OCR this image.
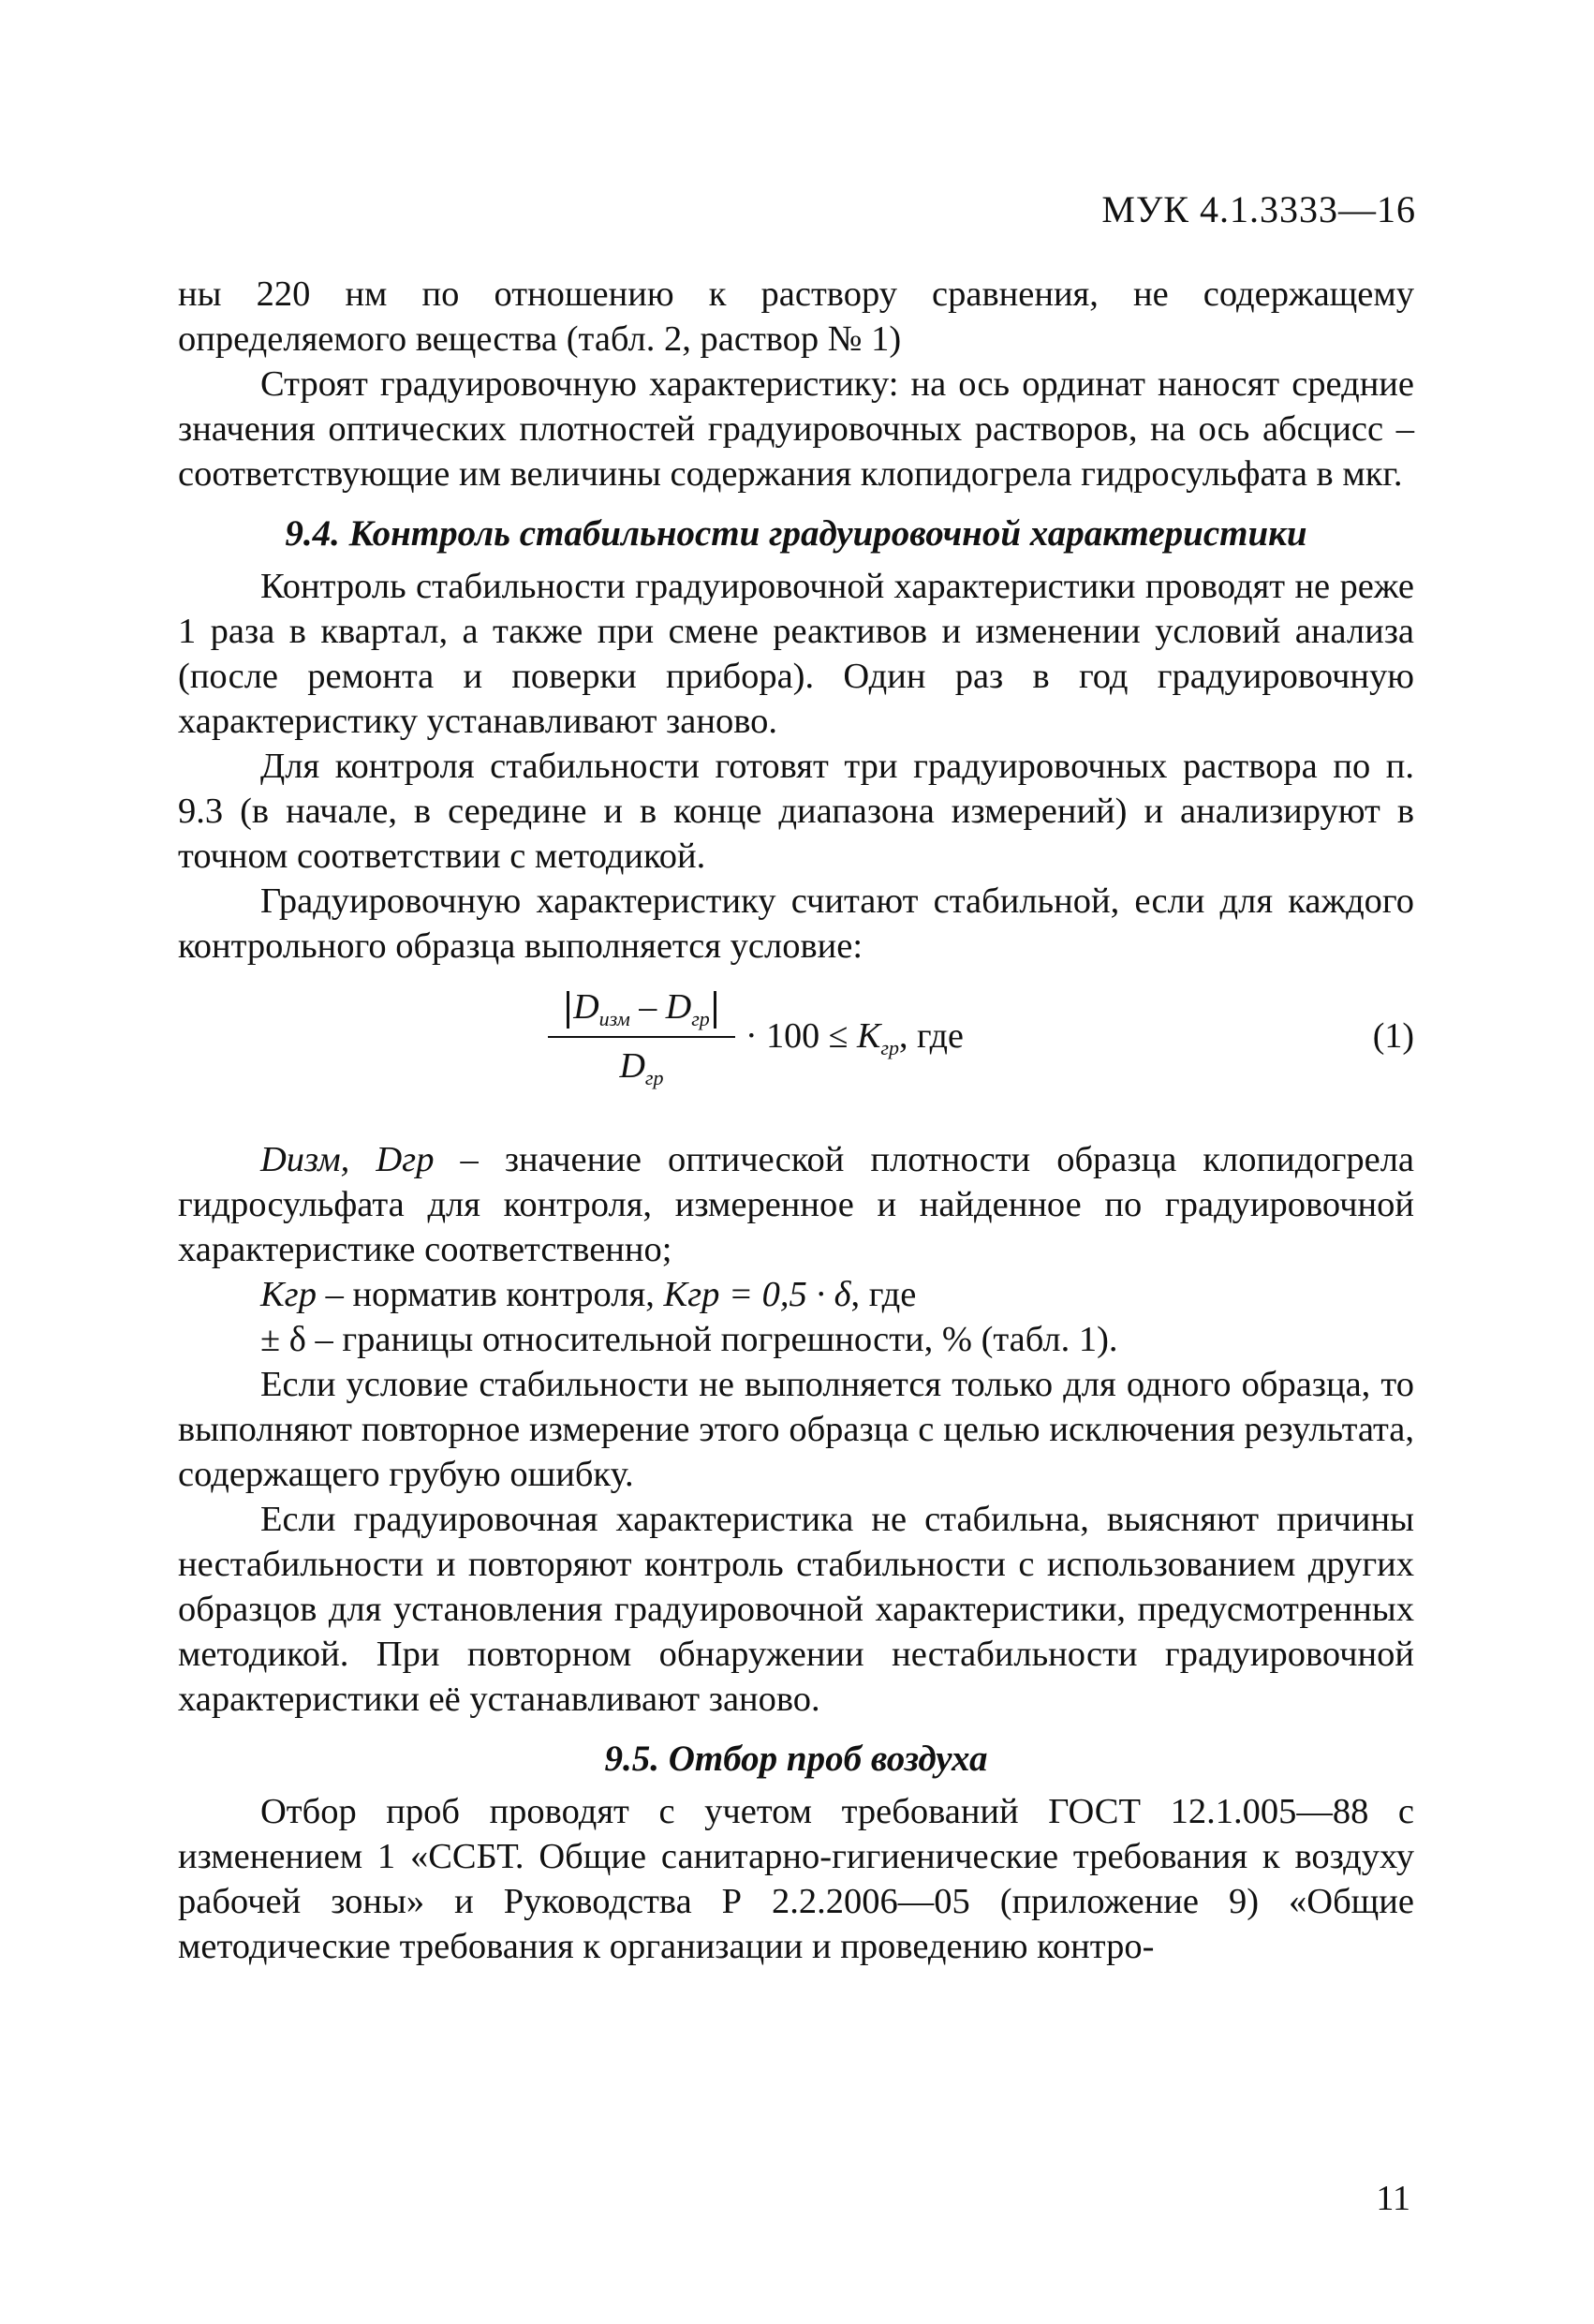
МУК 4.1.3333—16

ны 220 нм по отношению к раствору сравнения, не содержащему определяемого вещества (табл. 2, раствор № 1)

Строят градуировочную характеристику: на ось ординат наносят средние значения оптических плотностей градуировочных растворов, на ось абсцисс – соответствующие им величины содержания клопидогрела гидросульфата в мкг.

9.4. Контроль стабильности градуировочной характеристики

Контроль стабильности градуировочной характеристики проводят не реже 1 раза в квартал, а также при смене реактивов и изменении условий анализа (после ремонта и поверки прибора). Один раз в год градуировочную характеристику устанавливают заново.

Для контроля стабильности готовят три градуировочных раствора по п. 9.3 (в начале, в середине и в конце диапазона измерений) и анализируют в точном соответствии с методикой.

Градуировочную характеристику считают стабильной, если для каждого контрольного образца выполняется условие:

$D_{изм} - D_{гр}$
$D_{гр}$
· $100 \le K_{гр}$, где	(1)

Dизм, Dгр – значение оптической плотности образца клопидогрела гидросульфата для контроля, измеренное и найденное по градуировочной характеристике соответственно;

Kгр – норматив контроля, Kгр = 0,5 · δ, где

± δ – границы относительной погрешности, % (табл. 1).

Если условие стабильности не выполняется только для одного образца, то выполняют повторное измерение этого образца с целью исключения результата, содержащего грубую ошибку.

Если градуировочная характеристика не стабильна, выясняют причины нестабильности и повторяют контроль стабильности с использованием других образцов для установления градуировочной характеристики, предусмотренных методикой. При повторном обнаружении нестабильности градуировочной характеристики её устанавливают заново.

9.5. Отбор проб воздуха

Отбор проб проводят с учетом требований ГОСТ 12.1.005—88 с изменением 1 «ССБТ. Общие санитарно-гигиенические требования к воздуху рабочей зоны» и Руководства Р 2.2.2006—05 (приложение 9) «Общие методические требования к организации и проведению контро-

11
